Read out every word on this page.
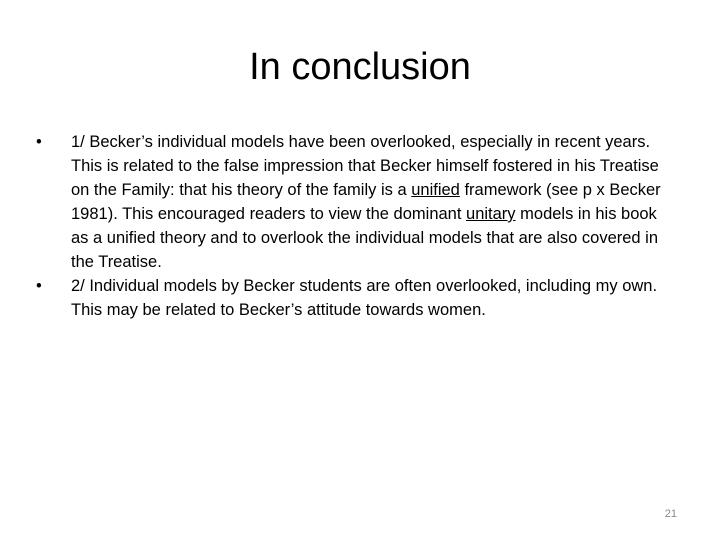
In conclusion
•	1/ Becker’s individual models have been overlooked, especially in recent years. This is related to the false impression that Becker himself fostered in his Treatise on the Family: that his theory of the family is a unified framework (see p x Becker 1981). This encouraged readers to view the dominant unitary models in his book as a unified theory and to overlook the individual models that are also covered in the Treatise.
•	2/ Individual models by Becker students are often overlooked, including my own. This may be related to Becker’s attitude towards women.
21
